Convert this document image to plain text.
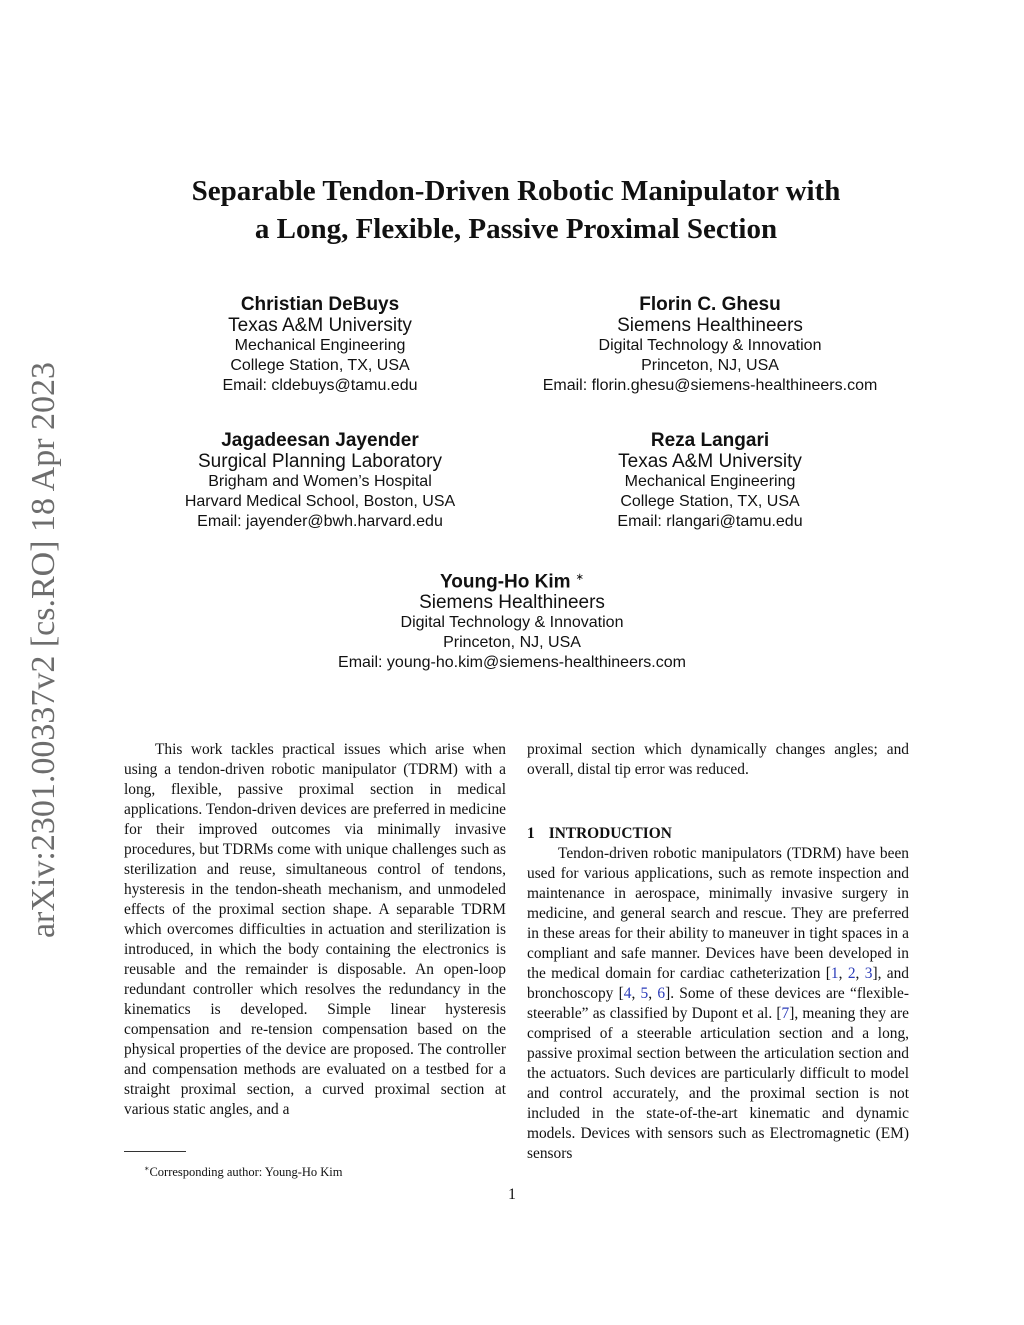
arXiv:2301.00337v2 [cs.RO] 18 Apr 2023
Separable Tendon-Driven Robotic Manipulator with
a Long, Flexible, Passive Proximal Section
Christian DeBuys
Texas A&M University
Mechanical Engineering
College Station, TX, USA
Email: cldebuys@tamu.edu
Florin C. Ghesu
Siemens Healthineers
Digital Technology & Innovation
Princeton, NJ, USA
Email: florin.ghesu@siemens-healthineers.com
Jagadeesan Jayender
Surgical Planning Laboratory
Brigham and Women’s Hospital
Harvard Medical School, Boston, USA
Email: jayender@bwh.harvard.edu
Reza Langari
Texas A&M University
Mechanical Engineering
College Station, TX, USA
Email: rlangari@tamu.edu
Young-Ho Kim ∗
Siemens Healthineers
Digital Technology & Innovation
Princeton, NJ, USA
Email: young-ho.kim@siemens-healthineers.com

This work tackles practical issues which arise when using a tendon-driven robotic manipulator (TDRM) with a long, flexible, passive proximal section in medical applications. Tendon-driven devices are preferred in medicine for their improved outcomes via minimally invasive procedures, but TDRMs come with unique challenges such as sterilization and reuse, simultaneous control of tendons, hysteresis in the tendon-sheath mechanism, and unmodeled effects of the proximal section shape. A separable TDRM which overcomes difficulties in actuation and sterilization is introduced, in which the body containing the electronics is reusable and the remainder is disposable. An open-loop redundant controller which resolves the redundancy in the kinematics is developed. Simple linear hysteresis compensation and re-tension compensation based on the physical properties of the device are proposed. The controller and compensation methods are evaluated on a testbed for a straight proximal section, a curved proximal section at various static angles, and a

proximal section which dynamically changes angles; and overall, distal tip error was reduced.

1 INTRODUCTION

Tendon-driven robotic manipulators (TDRM) have been used for various applications, such as remote inspection and maintenance in aerospace, minimally invasive surgery in medicine, and general search and rescue. They are preferred in these areas for their ability to maneuver in tight spaces in a compliant and safe manner. Devices have been developed in the medical domain for cardiac catheterization [1, 2, 3], and bronchoscopy [4, 5, 6]. Some of these devices are “flexible-steerable” as classified by Dupont et al. [7], meaning they are comprised of a steerable articulation section and a long, passive proximal section between the articulation section and the actuators. Such devices are particularly difficult to model and control accurately, and the proximal section is not included in the state-of-the-art kinematic and dynamic models. Devices with sensors such as Electromagnetic (EM) sensors

∗Corresponding author: Young-Ho Kim
1
